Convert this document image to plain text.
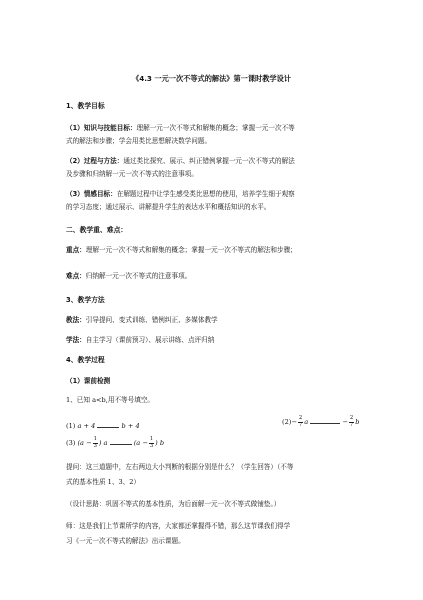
《4.3 一元一次不等式的解法》第一课时教学设计
1、教学目标
（1）知识与技能目标：理解一元一次不等式和解集的概念；掌握一元一次不等
式的解法和步骤；学会用类比思想解决数学问题。
（2）过程与方法：通过类比探究、展示、纠正错例掌握一元一次不等式的解法
及步骤和归纳解一元一次不等式的注意事项。
（3）情感目标：在解题过程中让学生感受类比思想的使用，培养学生细于观察
的学习态度；通过展示、讲解提升学生的表达水平和概括知识的水平。
二、教学重、难点：
重点：理解一元一次不等式和解集的概念；掌握一元一次不等式的解法和步骤；
难点：归纳解一元一次不等式的注意事项。
3、教学方法
教法：引导提问、变式训练、错例纠正、多媒体教学
学法：自主学习（课前预习）、展示讲练、点评归纳
4、教学过程
（1）课前检测
1、已知 a<b,用不等号填空。
(1) a + 4	b + 4	$(2)- \frac{2}{7}$ a	− $\frac{2}{7}$ b
(3) ($a - \frac{1}{3}$ ) a	($a - \frac{1}{3}$ ) b
提问：这三道题中，左右两边大小判断的根据分别是什么？（学生回答）（不等
式的基本性质 1、3、2）
（设计思路：巩固不等式的基本性质，为后面解一元一次不等式做铺垫。）
师：这是我们上节课所学的内容，大家都还掌握得不错，那么这节课我们得学
习《一元一次不等式的解法》出示课题。
